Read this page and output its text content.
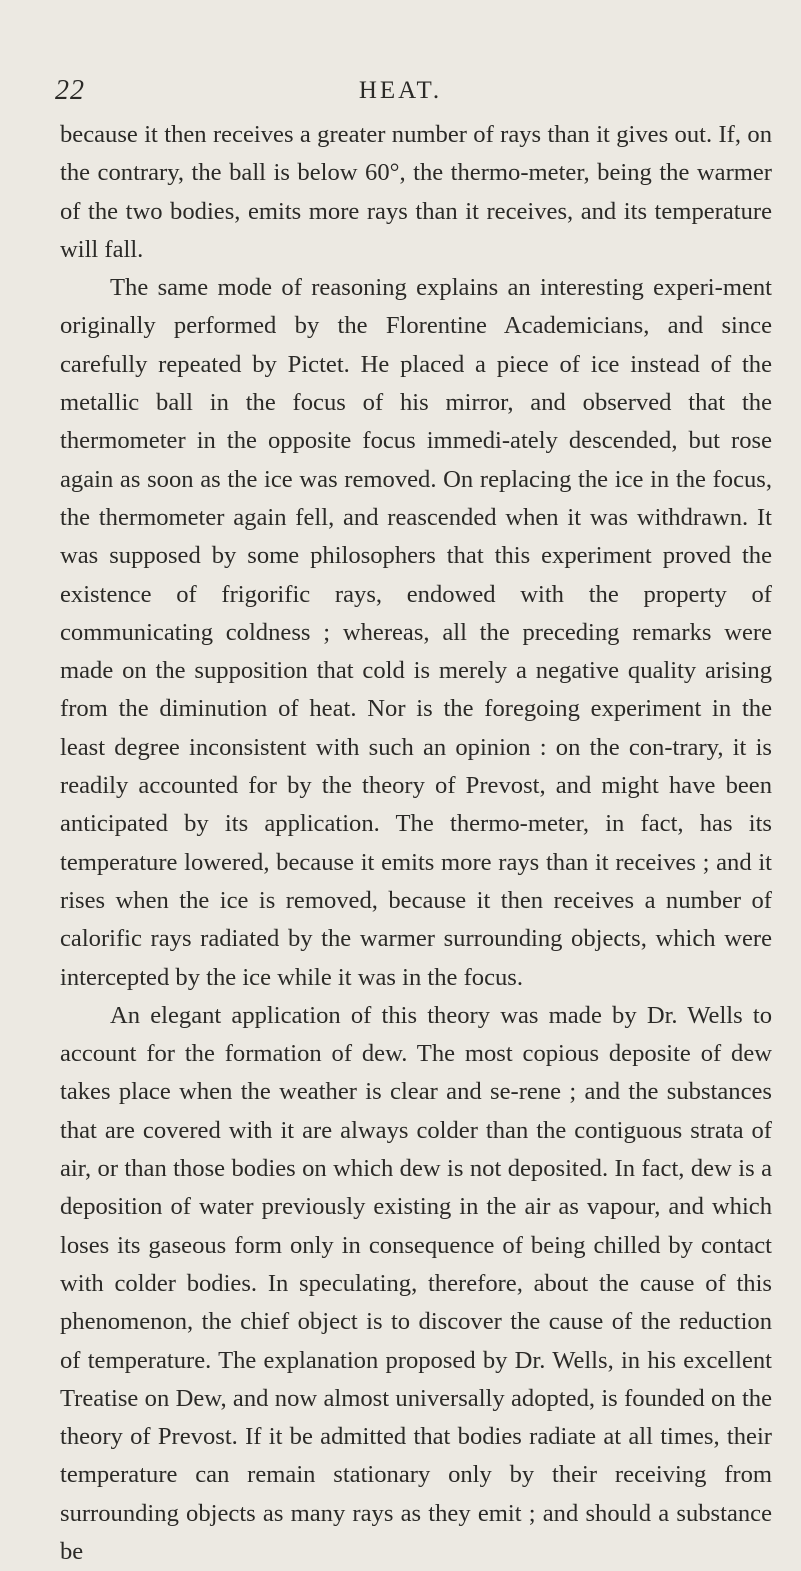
22	HEAT.

because it then receives a greater number of rays than it gives out. If, on the contrary, the ball is below 60°, the thermo-meter, being the warmer of the two bodies, emits more rays than it receives, and its temperature will fall.

The same mode of reasoning explains an interesting experi-ment originally performed by the Florentine Academicians, and since carefully repeated by Pictet. He placed a piece of ice instead of the metallic ball in the focus of his mirror, and observed that the thermometer in the opposite focus immedi-ately descended, but rose again as soon as the ice was removed. On replacing the ice in the focus, the thermometer again fell, and reascended when it was withdrawn. It was supposed by some philosophers that this experiment proved the existence of frigorific rays, endowed with the property of communicating coldness ; whereas, all the preceding remarks were made on the supposition that cold is merely a negative quality arising from the diminution of heat. Nor is the foregoing experiment in the least degree inconsistent with such an opinion : on the con-trary, it is readily accounted for by the theory of Prevost, and might have been anticipated by its application. The thermo-meter, in fact, has its temperature lowered, because it emits more rays than it receives ; and it rises when the ice is removed, because it then receives a number of calorific rays radiated by the warmer surrounding objects, which were intercepted by the ice while it was in the focus.

An elegant application of this theory was made by Dr. Wells to account for the formation of dew. The most copious deposite of dew takes place when the weather is clear and se-rene ; and the substances that are covered with it are always colder than the contiguous strata of air, or than those bodies on which dew is not deposited. In fact, dew is a deposition of water previously existing in the air as vapour, and which loses its gaseous form only in consequence of being chilled by contact with colder bodies. In speculating, therefore, about the cause of this phenomenon, the chief object is to discover the cause of the reduction of temperature. The explanation proposed by Dr. Wells, in his excellent Treatise on Dew, and now almost universally adopted, is founded on the theory of Prevost. If it be admitted that bodies radiate at all times, their temperature can remain stationary only by their receiving from surrounding objects as many rays as they emit ; and should a substance be
